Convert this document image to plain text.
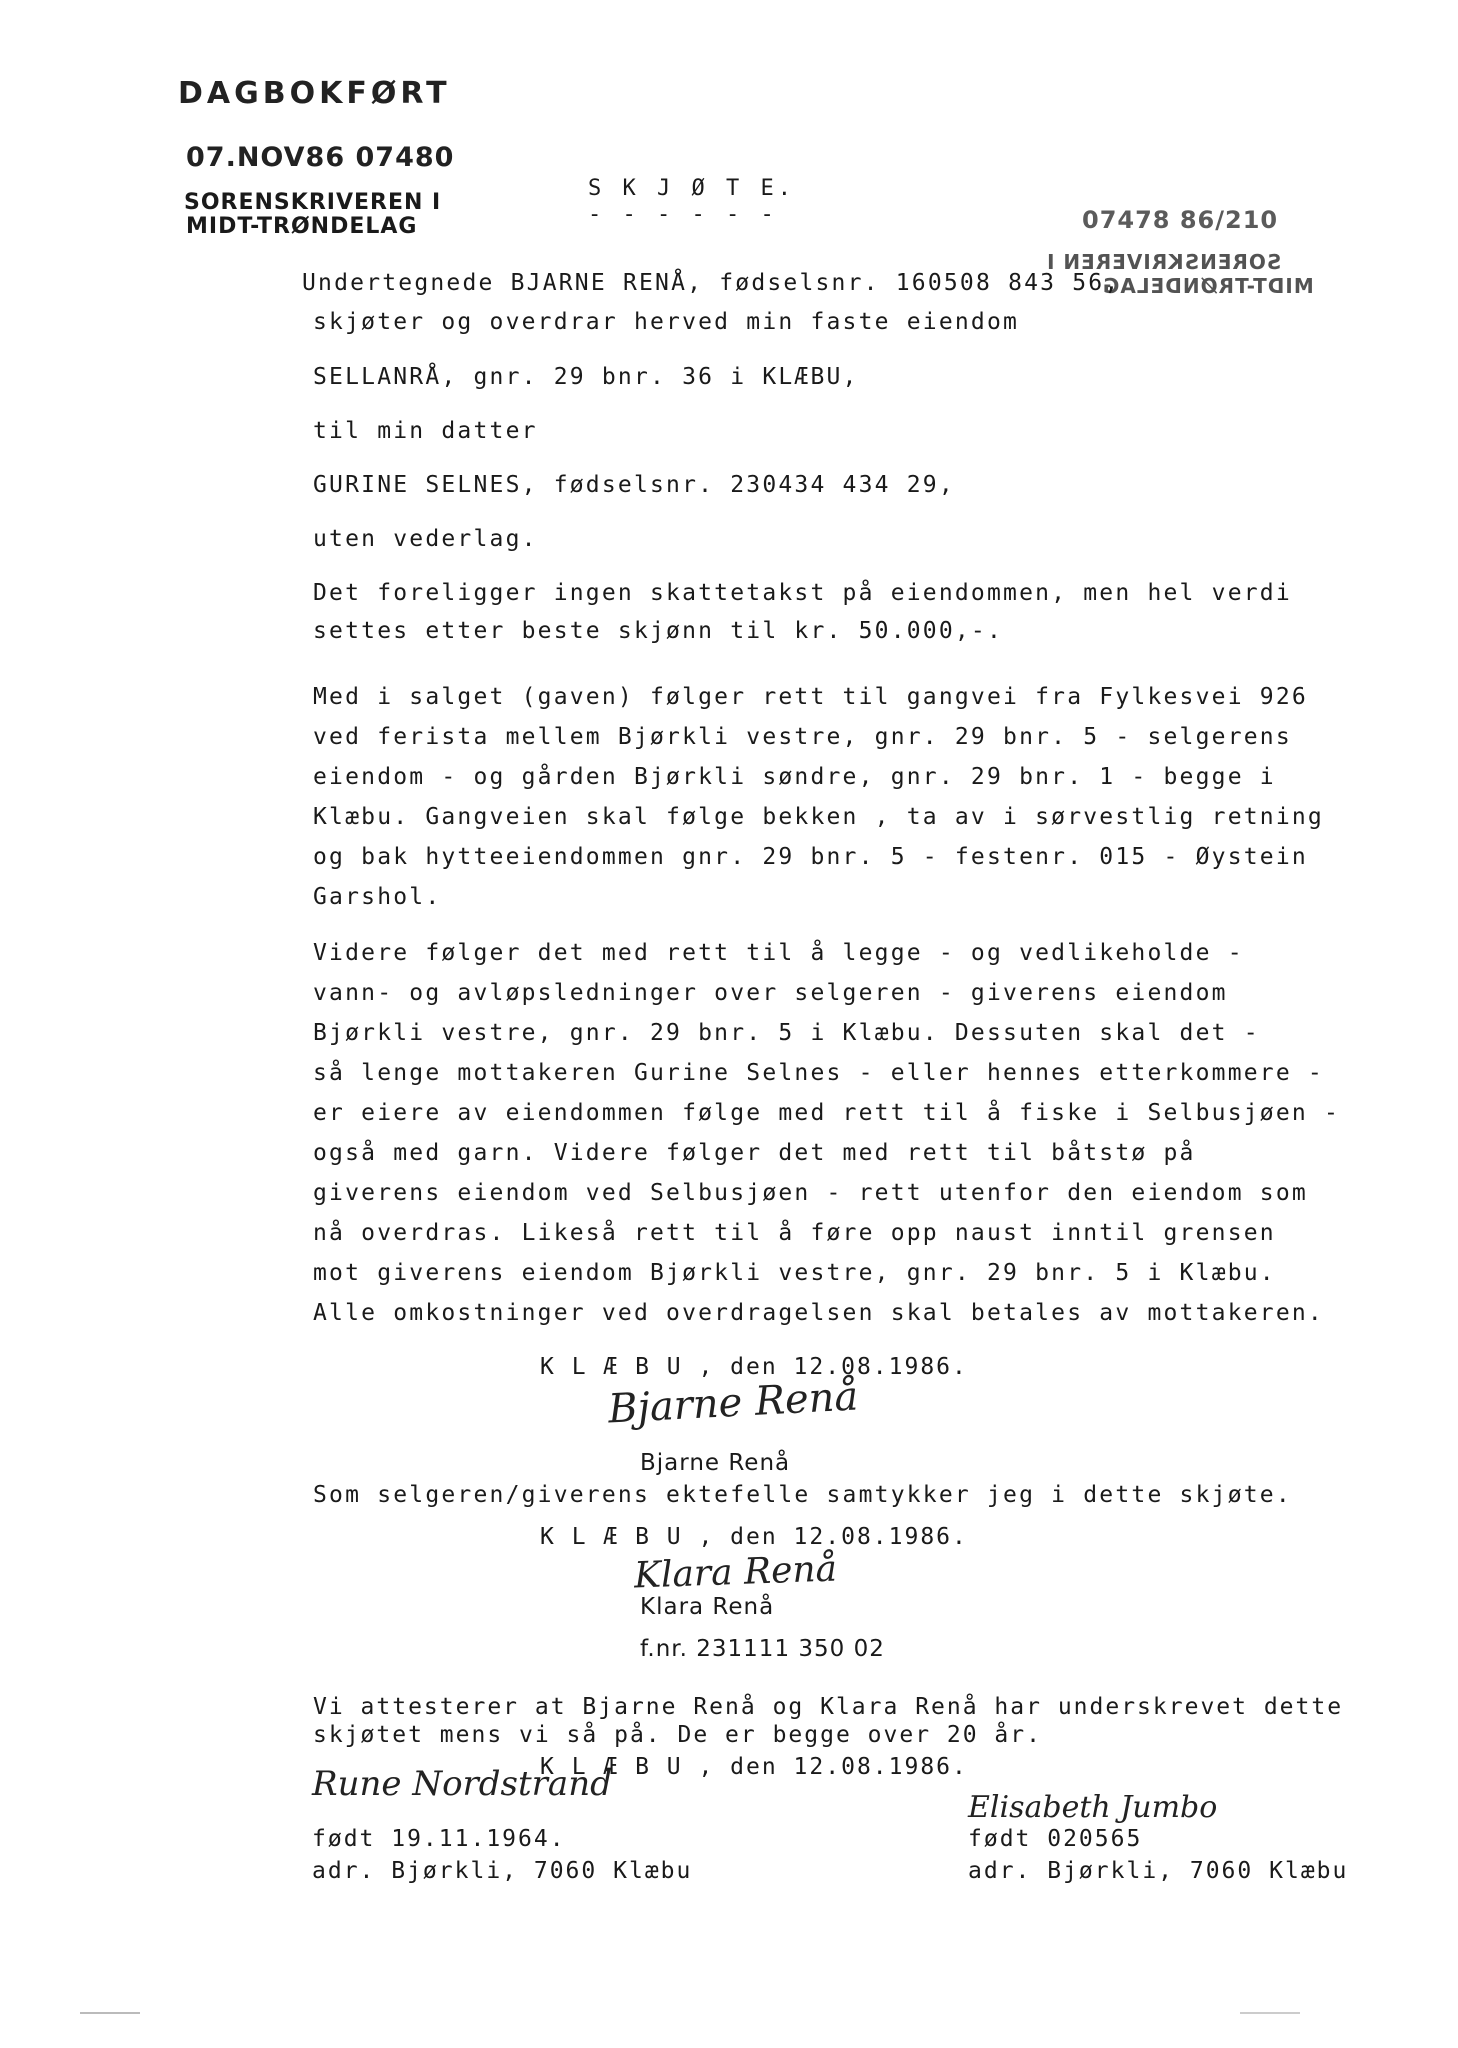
DAGBOKFØRT
07.NOV86 07480
SORENSKRIVEREN I
MIDT-TRØNDELAG	07478 86/210
SORENSKRIVEREN I
MIDT-TRØNDELAG
S K J Ø T E.
- - - - - -
Undertegnede BJARNE RENÅ, fødselsnr. 160508 843 56,
skjøter og overdrar herved min faste eiendom
SELLANRÅ, gnr. 29 bnr. 36 i KLÆBU,
til min datter
GURINE SELNES, fødselsnr. 230434 434 29,
uten vederlag.
Det foreligger ingen skattetakst på eiendommen, men hel verdi
settes etter beste skjønn til kr. 50.000,-.
Med i salget (gaven) følger rett til gangvei fra Fylkesvei 926
ved ferista mellem Bjørkli vestre, gnr. 29 bnr. 5 - selgerens
eiendom - og gården Bjørkli søndre, gnr. 29 bnr. 1 - begge i
Klæbu. Gangveien skal følge bekken , ta av i sørvestlig retning
og bak hytteeiendommen gnr. 29 bnr. 5 - festenr. 015 - Øystein
Garshol.
Videre følger det med rett til å legge - og vedlikeholde -
vann- og avløpsledninger over selgeren - giverens eiendom
Bjørkli vestre, gnr. 29 bnr. 5 i Klæbu. Dessuten skal det -
så lenge mottakeren Gurine Selnes - eller hennes etterkommere -
er eiere av eiendommen følge med rett til å fiske i Selbusjøen -
også med garn. Videre følger det med rett til båtstø på
giverens eiendom ved Selbusjøen - rett utenfor den eiendom som
nå overdras. Likeså rett til å føre opp naust inntil grensen
mot giverens eiendom Bjørkli vestre, gnr. 29 bnr. 5 i Klæbu.
Alle omkostninger ved overdragelsen skal betales av mottakeren.
K L Æ B U , den 12.08.1986.
Bjarne Renå
Bjarne Renå
Som selgeren/giverens ektefelle samtykker jeg i dette skjøte.
K L Æ B U , den 12.08.1986.
Klara Renå
Klara Renå
f.nr. 231111 350 02
Vi attesterer at Bjarne Renå og Klara Renå har underskrevet dette
skjøtet mens vi så på. De er begge over 20 år.
K L Æ B U , den 12.08.1986.
Rune Nordstrand
født 19.11.1964.
adr. Bjørkli, 7060 Klæbu
Elisabeth Jumbo
født 020565
adr. Bjørkli, 7060 Klæbu
